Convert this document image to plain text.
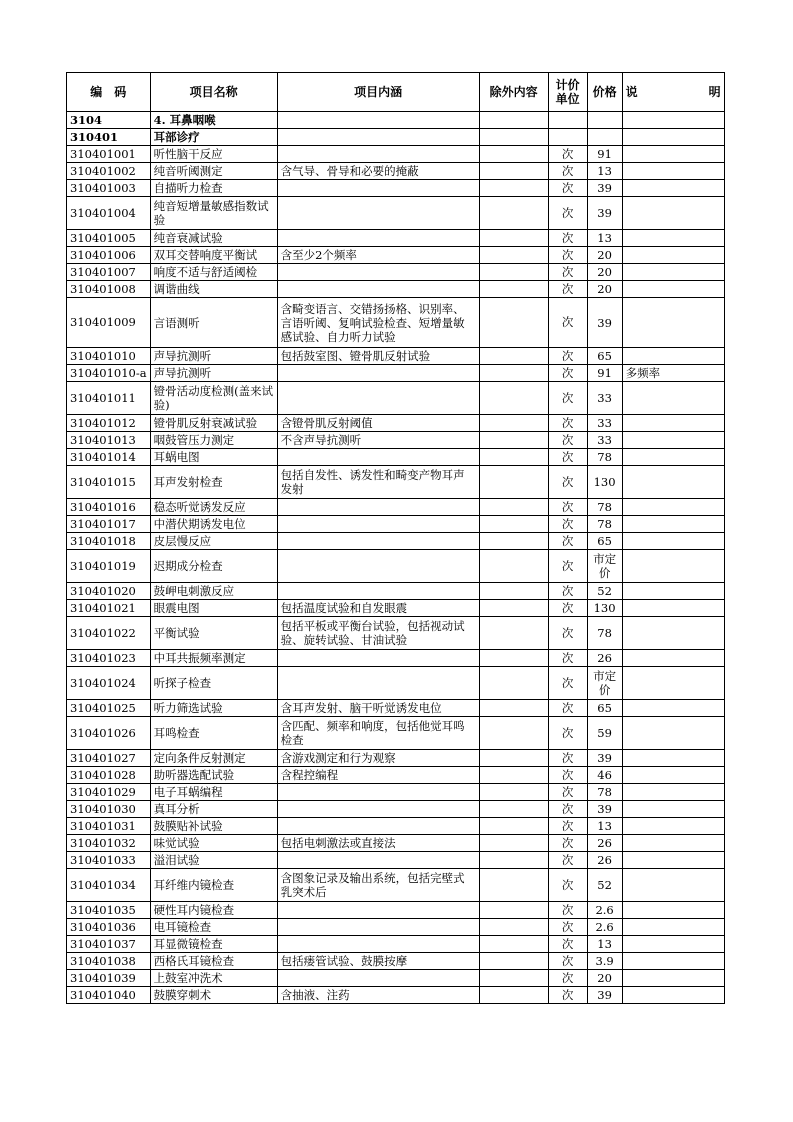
编　码	项目名称	项目内涵	除外内容	计价单位	价格	说 明

3104	4. 耳鼻咽喉					
310401	耳部诊疗					
310401001	听性脑干反应			次	91	
310401002	纯音听阈测定	含气导、骨导和必要的掩蔽		次	13	
310401003	自描听力检查			次	39	
310401004	纯音短增量敏感指数试验			次	39	
310401005	纯音衰减试验			次	13	
310401006	双耳交替响度平衡试	含至少2个频率		次	20	
310401007	响度不适与舒适阈检			次	20	
310401008	调谐曲线			次	20	
310401009	言语测听	含畸变语言、交错扬扬格、识别率、言语听阈、复响试验检查、短增量敏感试验、自力听力试验		次	39	
310401010	声导抗测听	包括鼓室图、镫骨肌反射试验		次	65	
310401010-a	声导抗测听			次	91	多频率
310401011	镫骨活动度检测(盖来试验)			次	33	
310401012	镫骨肌反射衰减试验	含镫骨肌反射阈值		次	33	
310401013	咽鼓管压力测定	不含声导抗测听		次	33	
310401014	耳蜗电图			次	78	
310401015	耳声发射检查	包括自发性、诱发性和畸变产物耳声发射		次	130	
310401016	稳态听觉诱发反应			次	78	
310401017	中潜伏期诱发电位			次	78	
310401018	皮层慢反应			次	65	
310401019	迟期成分检查			次	市定价	
310401020	鼓岬电刺激反应			次	52	
310401021	眼震电图	包括温度试验和自发眼震		次	130	
310401022	平衡试验	包括平板或平衡台试验，包括视动试验、旋转试验、甘油试验		次	78	
310401023	中耳共振频率测定			次	26	
310401024	听探子检查			次	市定价	
310401025	听力筛选试验	含耳声发射、脑干听觉诱发电位		次	65	
310401026	耳鸣检查	含匹配、频率和响度，包括他觉耳鸣检查		次	59	
310401027	定向条件反射测定	含游戏测定和行为观察		次	39	
310401028	助听器选配试验	含程控编程		次	46	
310401029	电子耳蜗编程			次	78	
310401030	真耳分析			次	39	
310401031	鼓膜贴补试验			次	13	
310401032	味觉试验	包括电刺激法或直接法		次	26	
310401033	溢泪试验			次	26	
310401034	耳纤维内镜检查	含图象记录及输出系统，包括完壁式乳突术后		次	52	
310401035	硬性耳内镜检查			次	2.6	
310401036	电耳镜检查			次	2.6	
310401037	耳显微镜检查			次	13	
310401038	西格氏耳镜检查	包括瘘管试验、鼓膜按摩		次	3.9	
310401039	上鼓室冲洗术			次	20	
310401040	鼓膜穿刺术	含抽液、注药		次	39	
